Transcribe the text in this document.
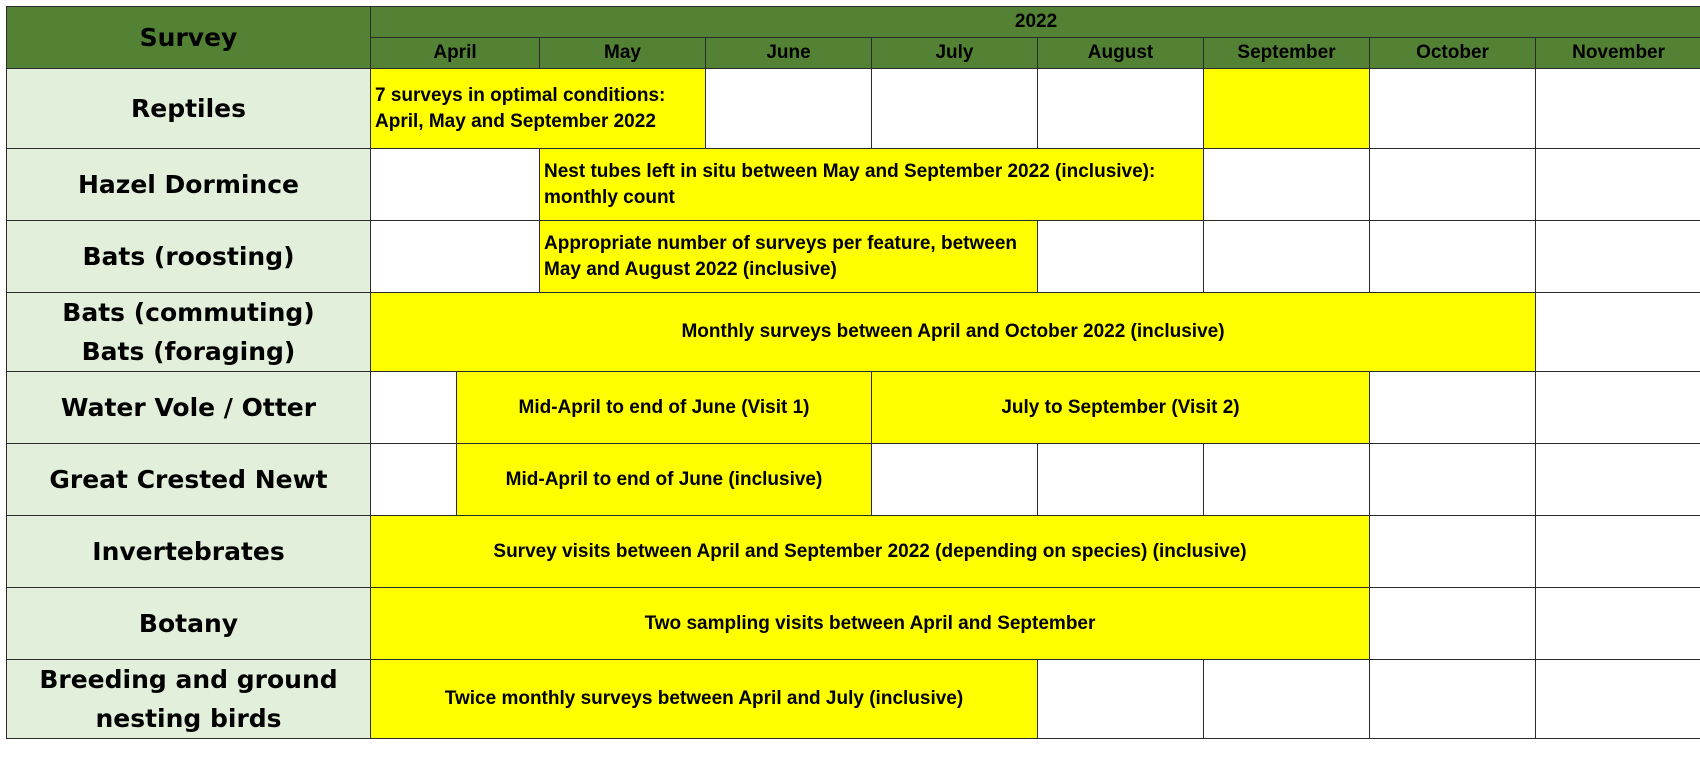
Survey	2022								
	April		May	June	July	August	September	October	November
Reptiles	7 surveys in optimal conditions: April, May and September 2022								
Hazel Dormince			Nest tubes left in situ between May and September 2022 (inclusive): monthly count						
Bats (roosting)			Appropriate number of surveys per feature, between May and August 2022 (inclusive)						

Bats (commuting)
Bats (foraging)	Monthly surveys between April and October 2022 (inclusive)								
Water Vole / Otter		Mid-April to end of June (Visit 1)			July to September (Visit 2)				
Great Crested Newt		Mid-April to end of June (inclusive)							
Invertebrates	Survey visits between April and September 2022 (depending on species) (inclusive)								
Botany	Two sampling visits between April and September								

Breeding and ground
nesting birds	Twice monthly surveys between April and July (inclusive)								
